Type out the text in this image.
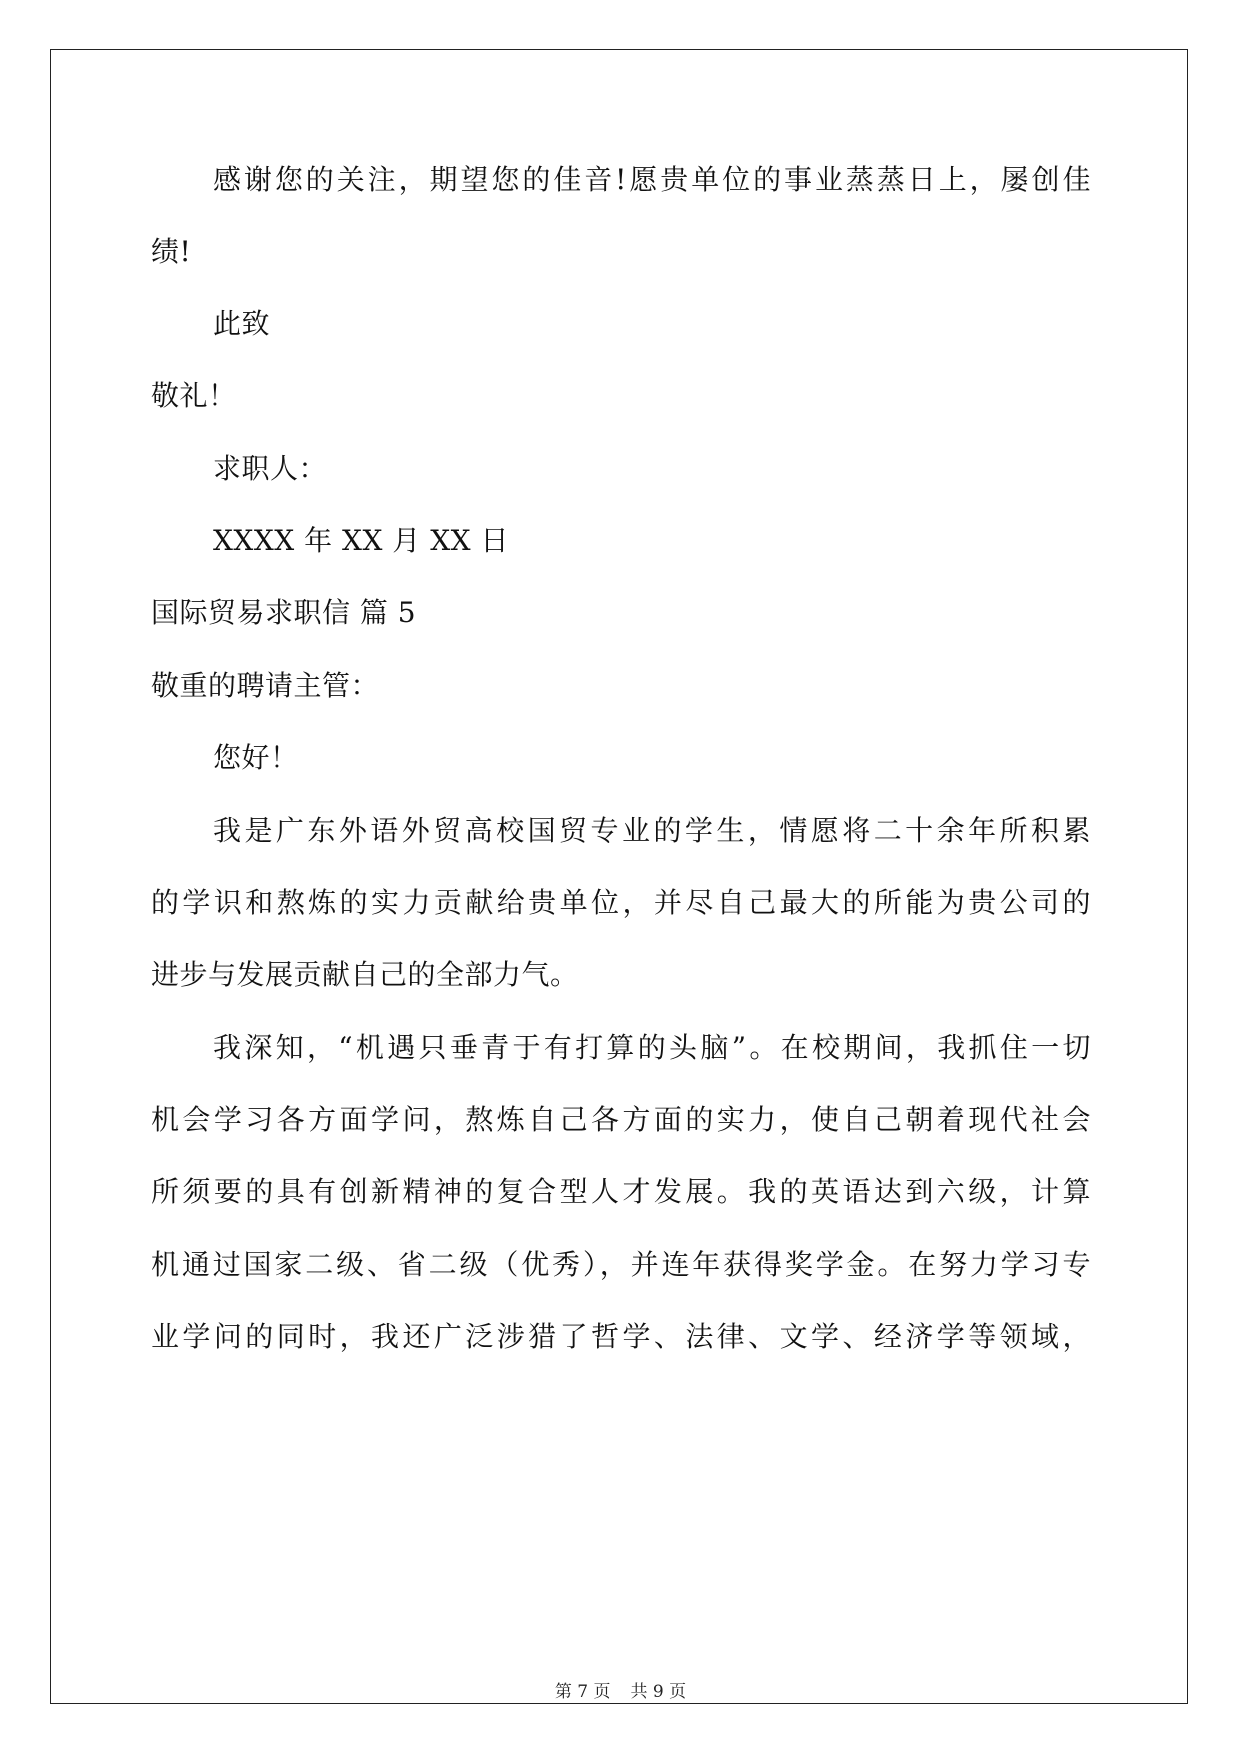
感谢您的关注，期望您的佳音!愿贵单位的事业蒸蒸日上，屡创佳
绩!
此致
敬礼！
求职人：
XXXX 年 XX 月 XX 日
国际贸易求职信 篇 5
敬重的聘请主管：
您好！
我是广东外语外贸高校国贸专业的学生，情愿将二十余年所积累
的学识和熬炼的实力贡献给贵单位，并尽自己最大的所能为贵公司的
进步与发展贡献自己的全部力气。
我深知，“机遇只垂青于有打算的头脑”。在校期间，我抓住一切
机会学习各方面学问，熬炼自己各方面的实力，使自己朝着现代社会
所须要的具有创新精神的复合型人才发展。我的英语达到六级，计算
机通过国家二级、省二级（优秀），并连年获得奖学金。在努力学习专
业学问的同时，我还广泛涉猎了哲学、法律、文学、经济学等领域，
第 7 页 共 9 页
